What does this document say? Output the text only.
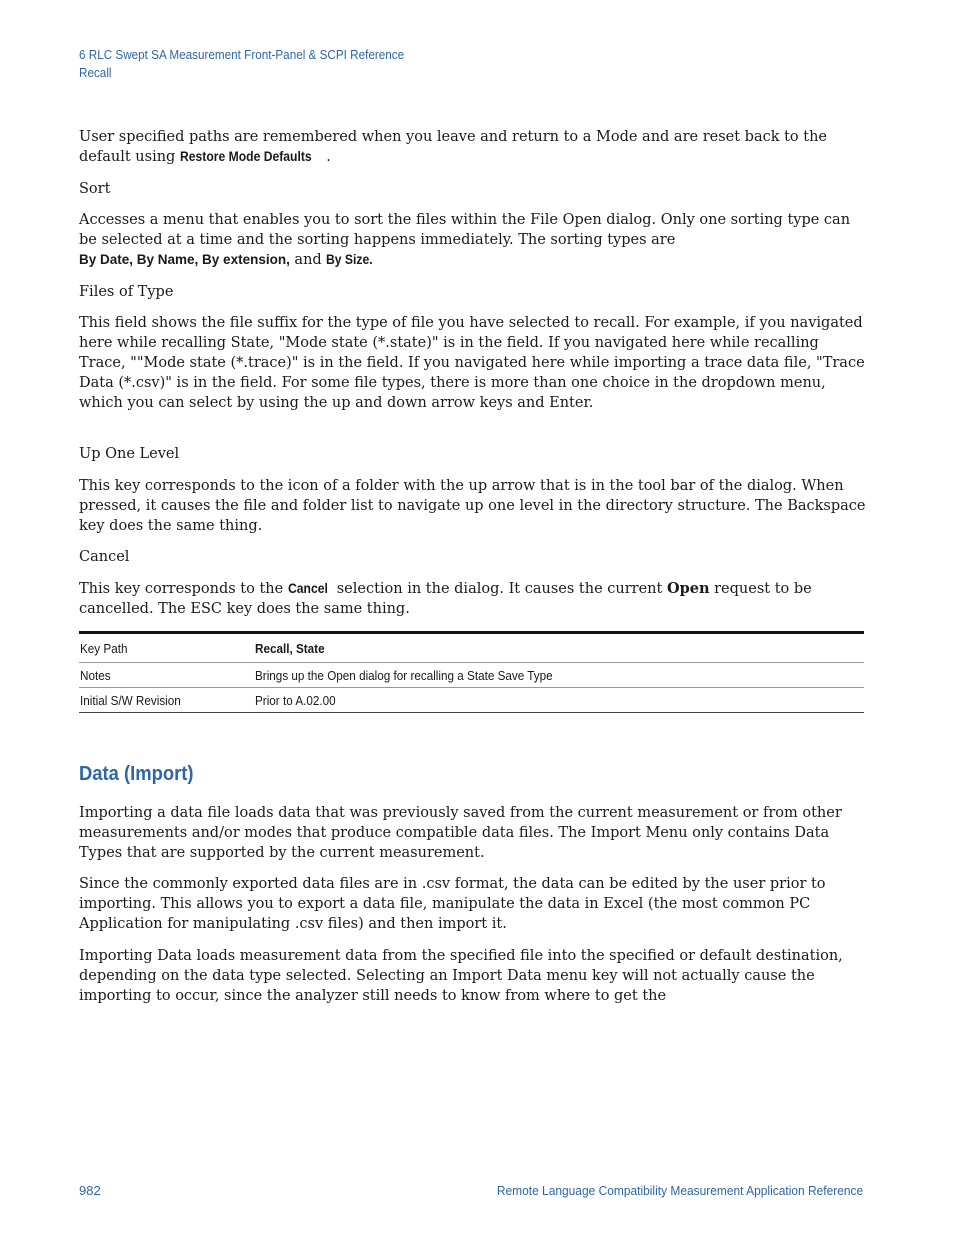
6 RLC Swept SA Measurement Front-Panel & SCPI Reference
Recall

User specified paths are remembered when you leave and return to a Mode and are reset back to the default using Restore Mode Defaults .

Sort

Accesses a menu that enables you to sort the files within the File Open dialog. Only one sorting type can be selected at a time and the sorting happens immediately. The sorting types are By Date, By Name, By extension, and By Size.

Files of Type
This field shows the file suffix for the type of file you have selected to recall. For example, if you navigated here while recalling State, "Mode state (*.state)" is in the field. If you navigated here while recalling Trace, ""Mode state (*.trace)" is in the field. If you navigated here while importing a trace data file, "Trace Data (*.csv)" is in the field. For some file types, there is more than one choice in the dropdown menu, which you can select by using the up and down arrow keys and Enter.
Up One Level
This key corresponds to the icon of a folder with the up arrow that is in the tool bar of the dialog. When pressed, it causes the file and folder list to navigate up one level in the directory structure. The Backspace key does the same thing.
Cancel

This key corresponds to the Cancel selection in the dialog. It causes the current Open request to be cancelled. The ESC key does the same thing.

Key Path	Recall, State
Notes	Brings up the Open dialog for recalling a State Save Type
Initial S/W Revision	Prior to A.02.00
Data (Import)
Importing a data file loads data that was previously saved from the current measurement or from other measurements and/or modes that produce compatible data files. The Import Menu only contains Data Types that are supported by the current measurement.
Since the commonly exported data files are in .csv format, the data can be edited by the user prior to importing. This allows you to export a data file, manipulate the data in Excel (the most common PC Application for manipulating .csv files) and then import it.
Importing Data loads measurement data from the specified file into the specified or default destination, depending on the data type selected. Selecting an Import Data menu key will not actually cause the importing to occur, since the analyzer still needs to know from where to get the
982	Remote Language Compatibility Measurement Application Reference
